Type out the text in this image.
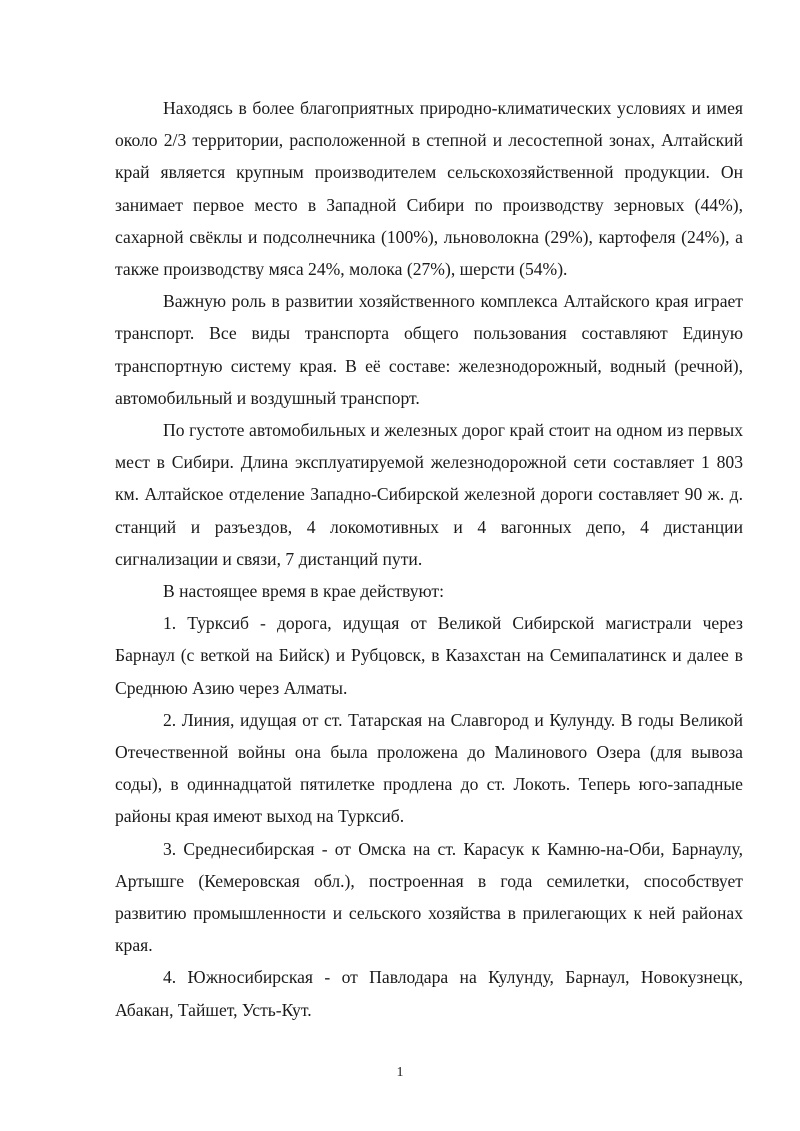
Находясь в более благоприятных природно-климатических условиях и имея около 2/3 территории, расположенной в степной и лесостепной зонах, Алтайский край является крупным производителем сельскохозяйственной продукции. Он занимает первое место в Западной Сибири по производству зерновых (44%), сахарной свёклы и подсолнечника (100%), льноволокна (29%), картофеля (24%), а также производству мяса 24%, молока (27%), шерсти (54%).

Важную роль в развитии хозяйственного комплекса Алтайского края играет транспорт. Все виды транспорта общего пользования составляют Единую транспортную систему края. В её составе: железнодорожный, водный (речной), автомобильный и воздушный транспорт.

По густоте автомобильных и железных дорог край стоит на одном из первых мест в Сибири. Длина эксплуатируемой железнодорожной сети составляет 1 803 км. Алтайское отделение Западно-Сибирской железной дороги составляет 90 ж. д. станций и разъездов, 4 локомотивных и 4 вагонных депо, 4 дистанции сигнализации и связи, 7 дистанций пути.

В настоящее время в крае действуют:

1. Турксиб - дорога, идущая от Великой Сибирской магистрали через Барнаул (с веткой на Бийск) и Рубцовск, в Казахстан на Семипалатинск и далее в Среднюю Азию через Алматы.

2. Линия, идущая от ст. Татарская на Славгород и Кулунду. В годы Великой Отечественной войны она была проложена до Малинового Озера (для вывоза соды), в одиннадцатой пятилетке продлена до ст. Локоть. Теперь юго-западные районы края имеют выход на Турксиб.

3. Среднесибирская - от Омска на ст. Карасук к Камню-на-Оби, Барнаулу, Артышге (Кемеровская обл.), построенная в года семилетки, способствует развитию промышленности и сельского хозяйства в прилегающих к ней районах края.

4. Южносибирская - от Павлодара на Кулунду, Барнаул, Новокузнецк, Абакан, Тайшет, Усть-Кут.

1
